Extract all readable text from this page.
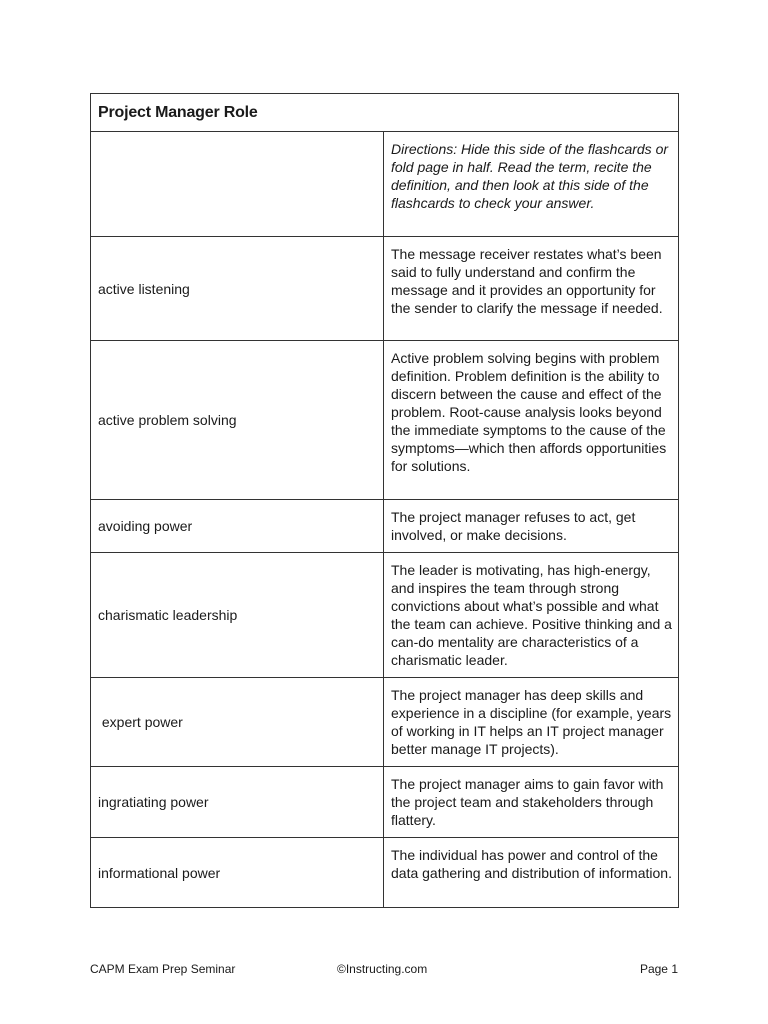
Project Manager Role	
	Directions: Hide this side of the flashcards or fold page in half. Read the term, recite the definition, and then look at this side of the flashcards to check your answer.
active listening	The message receiver restates what’s been said to fully understand and confirm the message and it provides an opportunity for the sender to clarify the message if needed.
active problem solving	Active problem solving begins with problem definition. Problem definition is the ability to discern between the cause and effect of the problem. Root-cause analysis looks beyond the immediate symptoms to the cause of the symptoms—which then affords opportunities for solutions.
avoiding power	The project manager refuses to act, get involved, or make decisions.
charismatic leadership	The leader is motivating, has high-energy, and inspires the team through strong convictions about what’s possible and what the team can achieve. Positive thinking and a can-do mentality are characteristics of a charismatic leader.
expert power	The project manager has deep skills and experience in a discipline (for example, years of working in IT helps an IT project manager better manage IT projects).
ingratiating power	The project manager aims to gain favor with the project team and stakeholders through flattery.
informational power	The individual has power and control of the data gathering and distribution of information.
CAPM Exam Prep Seminar	©Instructing.com	Page 1
